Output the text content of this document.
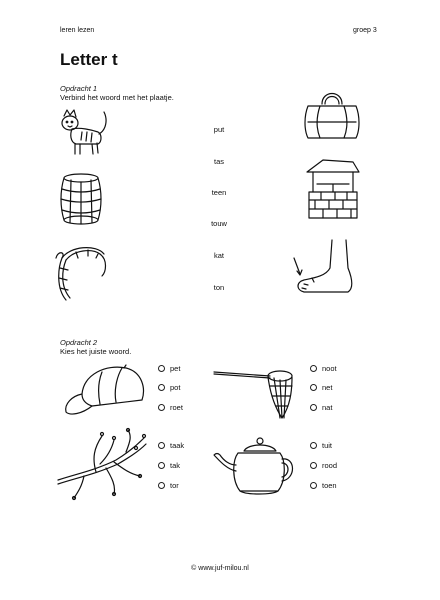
leren lezen	groep 3
Letter t
Opdracht 1
Verbind het woord met het plaatje.
put
tas
teen
touw
kat
ton
Opdracht 2
Kies het juiste woord.
pet
pot
roet
noot
net
nat
taak
tak
tor
tuit
rood
toen
© www.juf-milou.nl
